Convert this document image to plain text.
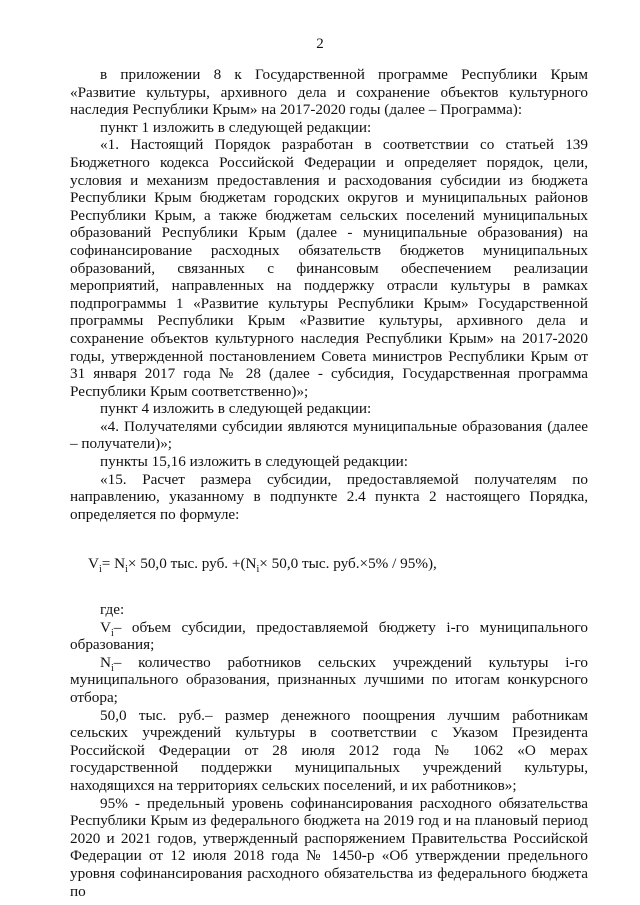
2

в приложении 8 к Государственной программе Республики Крым «Развитие культуры, архивного дела и сохранение объектов культурного наследия Республики Крым» на 2017-2020 годы (далее – Программа):

пункт 1 изложить в следующей редакции:

«1. Настоящий Порядок разработан в соответствии со статьей 139 Бюджетного кодекса Российской Федерации и определяет порядок, цели, условия и механизм предоставления и расходования субсидии из бюджета Республики Крым бюджетам городских округов и муниципальных районов Республики Крым, а также бюджетам сельских поселений муниципальных образований Республики Крым (далее - муниципальные образования) на софинансирование расходных обязательств бюджетов муниципальных образований, связанных с финансовым обеспечением реализации мероприятий, направленных на поддержку отрасли культуры в рамках подпрограммы 1 «Развитие культуры Республики Крым» Государственной программы Республики Крым «Развитие культуры, архивного дела и сохранение объектов культурного наследия Республики Крым» на 2017-2020 годы, утвержденной постановлением Совета министров Республики Крым от 31 января 2017 года № 28 (далее - субсидия, Государственная программа Республики Крым соответственно)»;

пункт 4 изложить в следующей редакции:

«4. Получателями субсидии являются муниципальные образования (далее – получатели)»;

пункты 15,16 изложить в следующей редакции:

«15. Расчет размера субсидии, предоставляемой получателям по направлению, указанному в подпункте 2.4 пункта 2 настоящего Порядка, определяется по формуле:

$V_i= N_i\times 50,0$ тыс. руб. $+(N_i\times 50,0$ тыс. руб.×5% / 95%),

где:

$V_i-$ объем субсидии, предоставляемой бюджету i-го муниципального образования;

$N_i-$ количество работников сельских учреждений культуры i-го муниципального образования, признанных лучшими по итогам конкурсного отбора;

50,0 тыс. руб.– размер денежного поощрения лучшим работникам сельских учреждений культуры в соответствии с Указом Президента Российской Федерации от 28 июля 2012 года № 1062 «О мерах государственной поддержки муниципальных учреждений культуры, находящихся на территориях сельских поселений, и их работников»;

95% - предельный уровень софинансирования расходного обязательства Республики Крым из федерального бюджета на 2019 год и на плановый период 2020 и 2021 годов, утвержденный распоряжением Правительства Российской Федерации от 12 июля 2018 года № 1450-р «Об утверждении предельного уровня софинансирования расходного обязательства из федерального бюджета по
